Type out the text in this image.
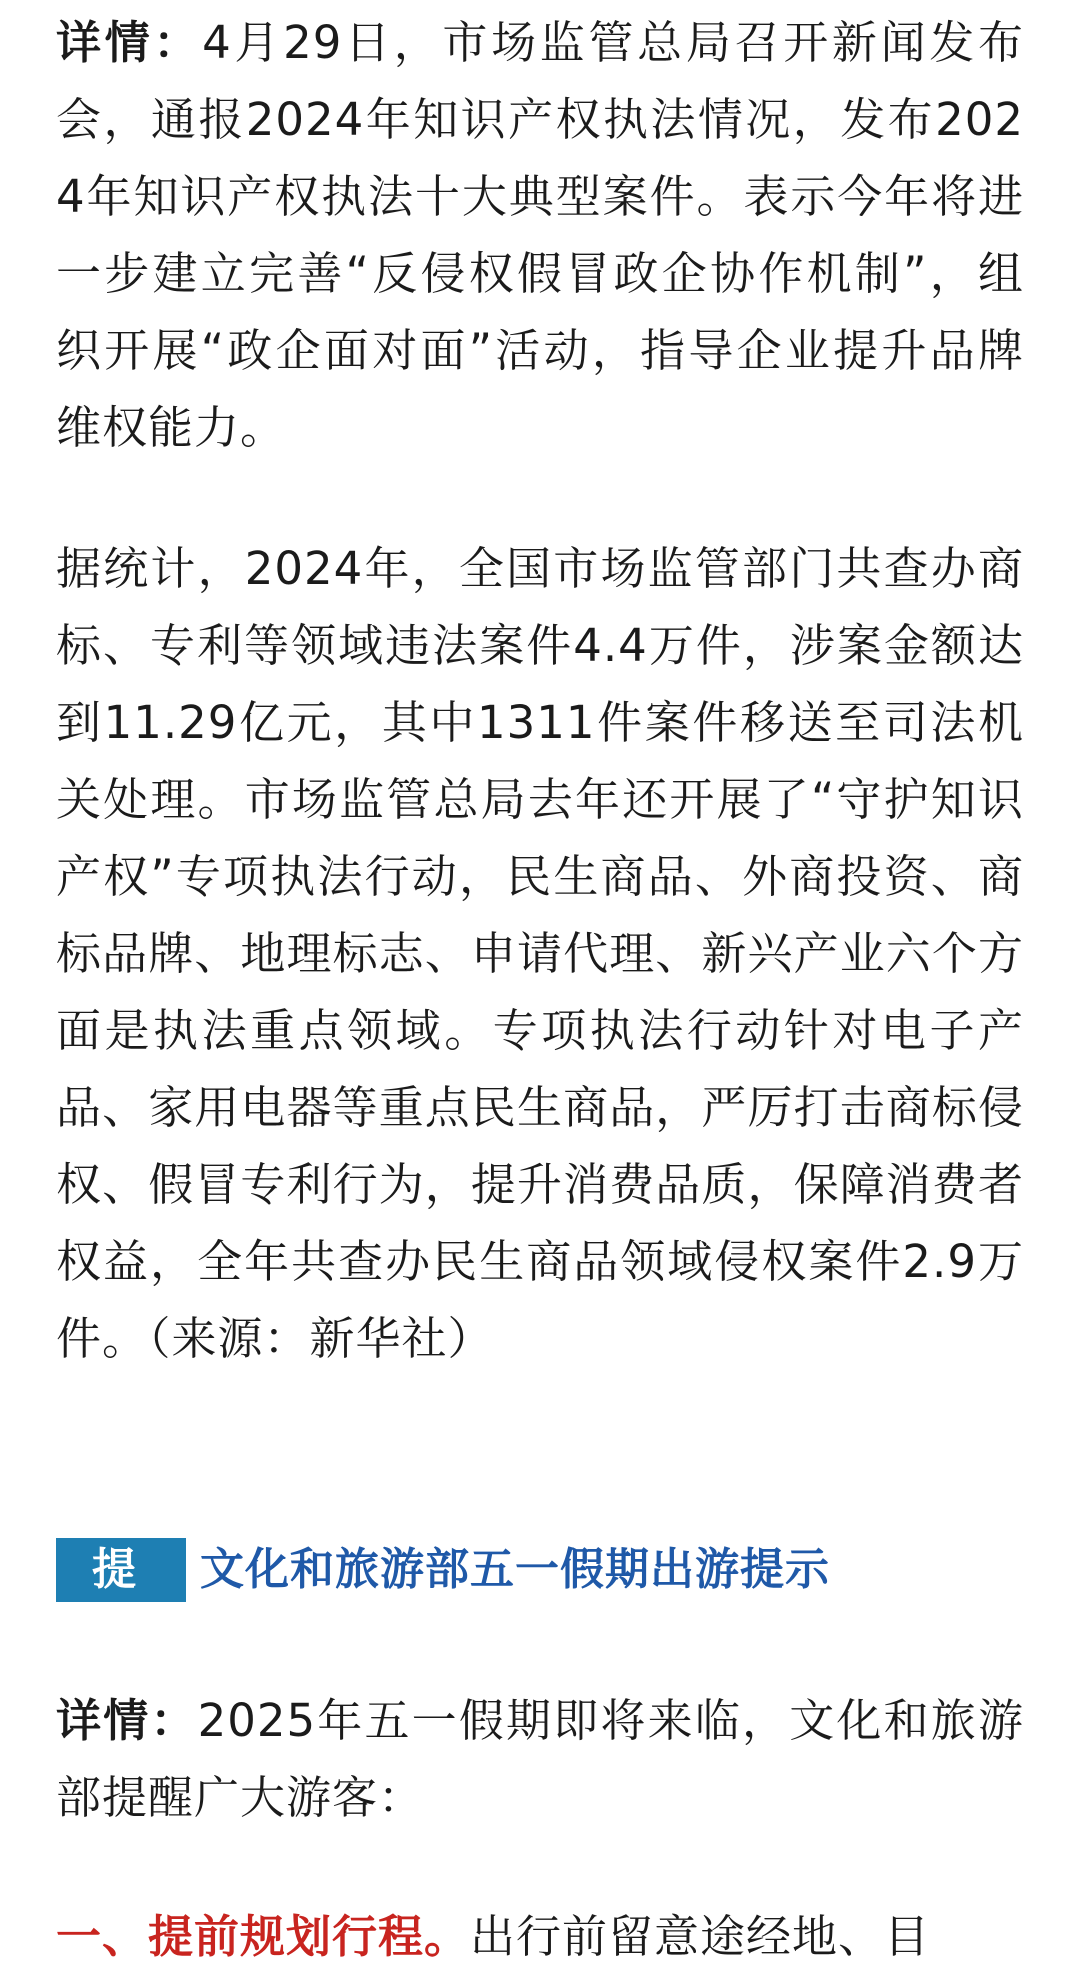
详情：4月29日，市场监管总局召开新闻发布会，通报2024年知识产权执法情况，发布2024年知识产权执法十大典型案件。表示今年将进一步建立完善“反侵权假冒政企协作机制”，组织开展“政企面对面”活动，指导企业提升品牌维权能力。

据统计，2024年，全国市场监管部门共查办商标、专利等领域违法案件4.4万件，涉案金额达到11.29亿元，其中1311件案件移送至司法机关处理。市场监管总局去年还开展了“守护知识产权”专项执法行动，民生商品、外商投资、商标品牌、地理标志、申请代理、新兴产业六个方面是执法重点领域。专项执法行动针对电子产品、家用电器等重点民生商品，严厉打击商标侵权、假冒专利行为，提升消费品质，保障消费者权益，全年共查办民生商品领域侵权案件2.9万件。（来源：新华社）

提示
文化和旅游部五一假期出游提示

详情：2025年五一假期即将来临，文化和旅游部提醒广大游客：

一、提前规划行程。出行前留意途经地、目
